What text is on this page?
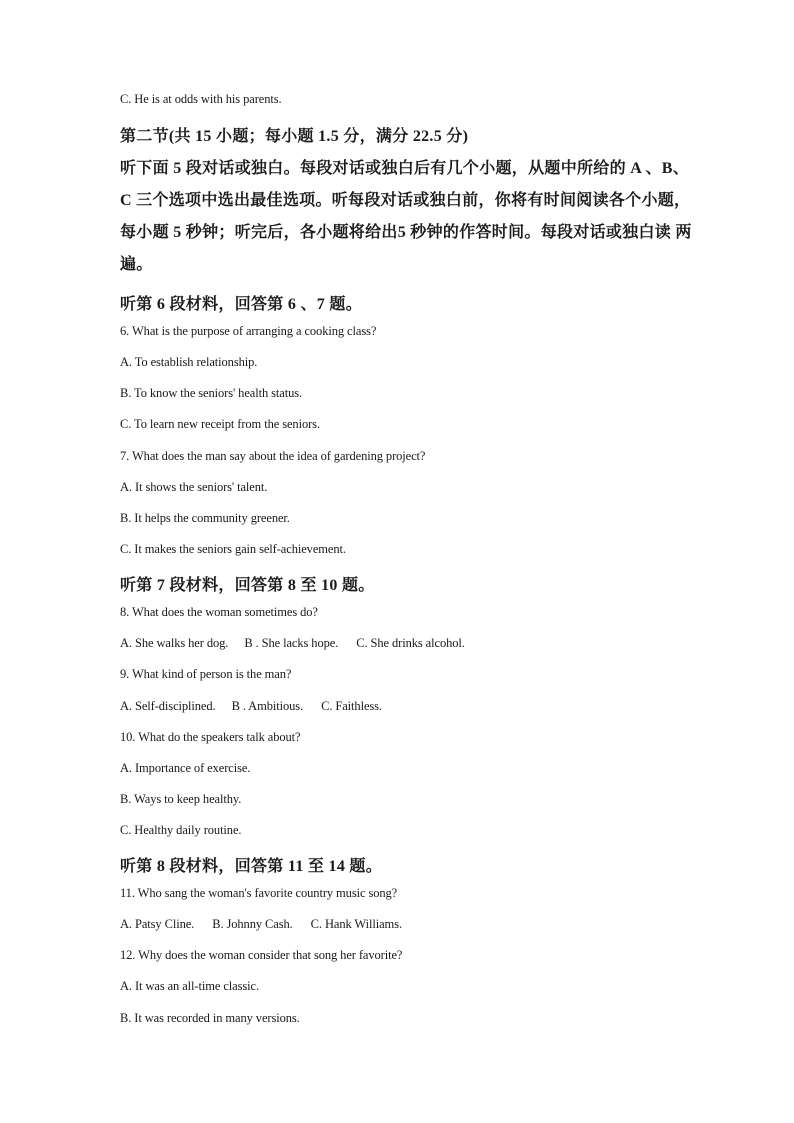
C. He is at odds with his parents.
第二节(共 15 小题；每小题 1.5 分，满分 22.5 分)
听下面 5 段对话或独白。每段对话或独白后有几个小题，从题中所给的 A 、B、
C 三个选项中选出最佳选项。听每段对话或独白前，你将有时间阅读各个小题，
每小题 5 秒钟；听完后，各小题将给出5 秒钟的作答时间。每段对话或独白读 两
遍。
听第 6 段材料，回答第 6 、7 题。
6. What is the purpose of arranging a cooking class?
A. To establish relationship.
B. To know the seniors' health status.
C. To learn new receipt from the seniors.
7. What does the man say about the idea of gardening project?
A. It shows the seniors' talent.
B. It helps the community greener.
C. It makes the seniors gain self-achievement.
听第 7 段材料，回答第 8 至 10 题。
8. What does the woman sometimes do?
A. She walks her dog. B . She lacks hope. C. She drinks alcohol.
9. What kind of person is the man?
A. Self-disciplined. B . Ambitious. C. Faithless.
10. What do the speakers talk about?
A. Importance of exercise.
B. Ways to keep healthy.
C. Healthy daily routine.
听第 8 段材料，回答第 11 至 14 题。
11. Who sang the woman's favorite country music song?
A. Patsy Cline. B. Johnny Cash. C. Hank Williams.
12. Why does the woman consider that song her favorite?
A. It was an all-time classic.
B. It was recorded in many versions.
